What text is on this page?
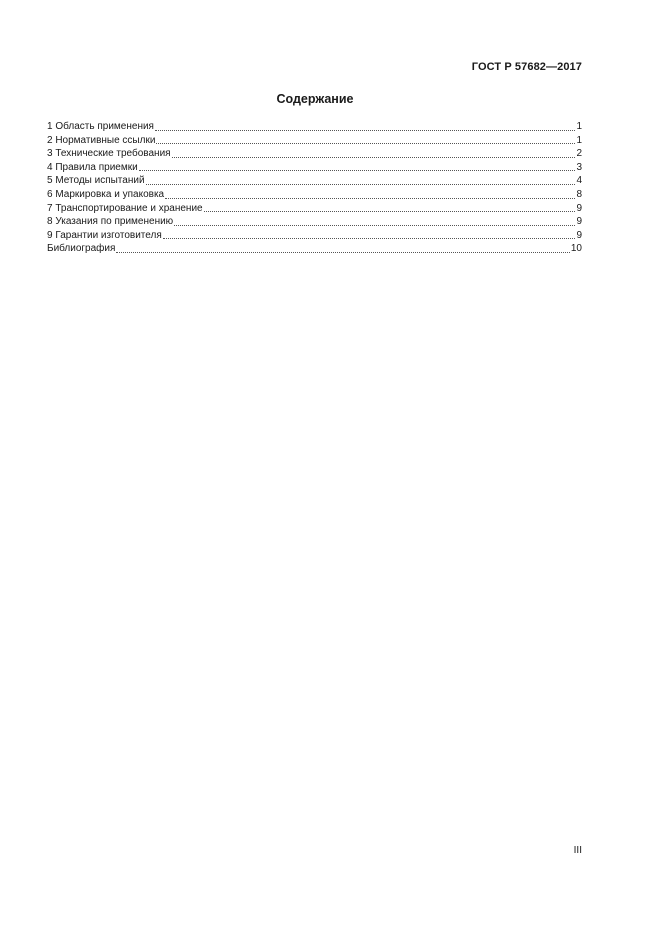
ГОСТ Р 57682—2017
Содержание
1 Область применения	1
2 Нормативные ссылки	1
3 Технические требования	2
4 Правила приемки	3
5 Методы испытаний	4
6 Маркировка и упаковка	8
7 Транспортирование и хранение	9
8 Указания по применению	9
9 Гарантии изготовителя	9
Библиография	10
III
